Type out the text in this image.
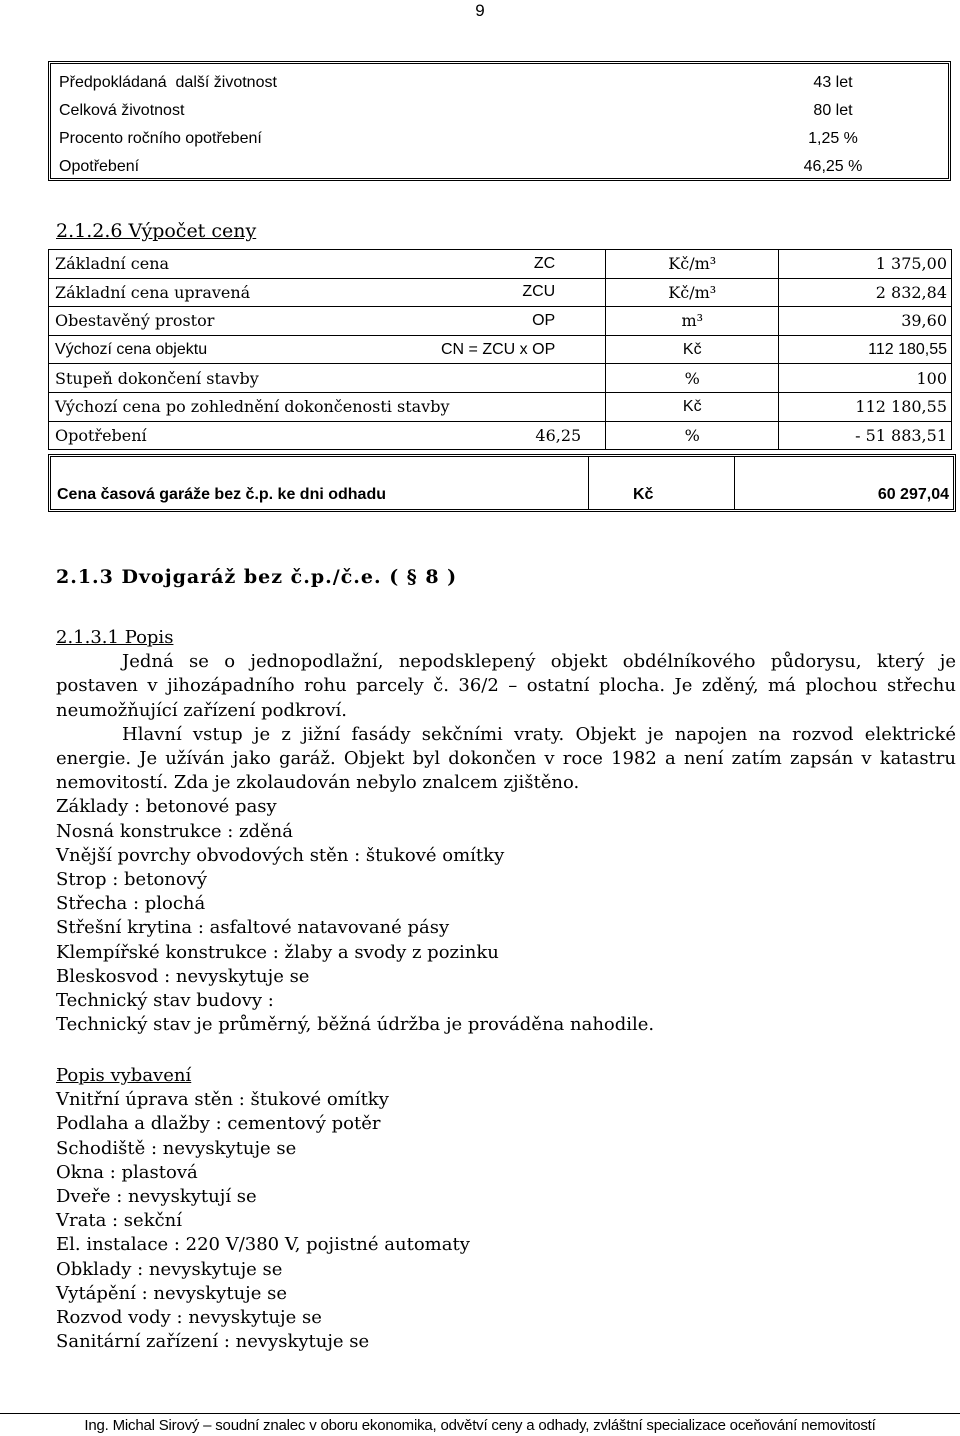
9
Předpokládaná  další životnost	43 let
Celková životnost	80 let
Procento ročního opotřebení	1,25 %
Opotřebení	46,25 %
2.1.2.6 Výpočet ceny
Základní cena	ZC	Kč/m³	1 375,00
Základní cena upravená	ZCU	Kč/m³	2 832,84
Obestavěný prostor	OP	m³	39,60
Výchozí cena objektu	CN = ZCU x OP	Kč	112 180,55
Stupeň dokončení stavby		%	100
Výchozí cena po zohlednění dokončenosti stavby		Kč	112 180,55
Opotřebení	46,25	%	- 51 883,51
Cena časová garáže bez č.p. ke dni odhadu	Kč	60 297,04
2.1.3 Dvojgaráž bez č.p./č.e. ( § 8 )
2.1.3.1 Popis
Jedná se o jednopodlažní, nepodsklepený objekt obdélníkového půdorysu, který je postaven v jihozápadního rohu parcely č. 36/2 – ostatní plocha. Je zděný, má plochou střechu neumožňující zařízení podkroví.
Hlavní vstup je z jižní fasády sekčními vraty. Objekt je napojen na rozvod elektrické energie. Je užíván jako garáž. Objekt byl dokončen v roce 1982 a není zatím zapsán v katastru nemovitostí. Zda je zkolaudován nebylo znalcem zjištěno.
Základy : betonové pasy
Nosná konstrukce : zděná
Vnější povrchy obvodových stěn : štukové omítky
Strop : betonový
Střecha : plochá
Střešní krytina : asfaltové natavované pásy
Klempířské konstrukce : žlaby a svody z pozinku
Bleskosvod : nevyskytuje se
Technický stav budovy :
Technický stav je průměrný, běžná údržba je prováděna nahodile.
Popis vybavení
Vnitřní úprava stěn : štukové omítky
Podlaha a dlažby : cementový potěr
Schodiště : nevyskytuje se
Okna : plastová
Dveře : nevyskytují se
Vrata : sekční
El. instalace : 220 V/380 V, pojistné automaty
Obklady : nevyskytuje se
Vytápění : nevyskytuje se
Rozvod vody : nevyskytuje se
Sanitární zařízení : nevyskytuje se
Ing. Michal Sirový – soudní znalec v oboru ekonomika, odvětví ceny a odhady, zvláštní specializace oceňování nemovitostí
